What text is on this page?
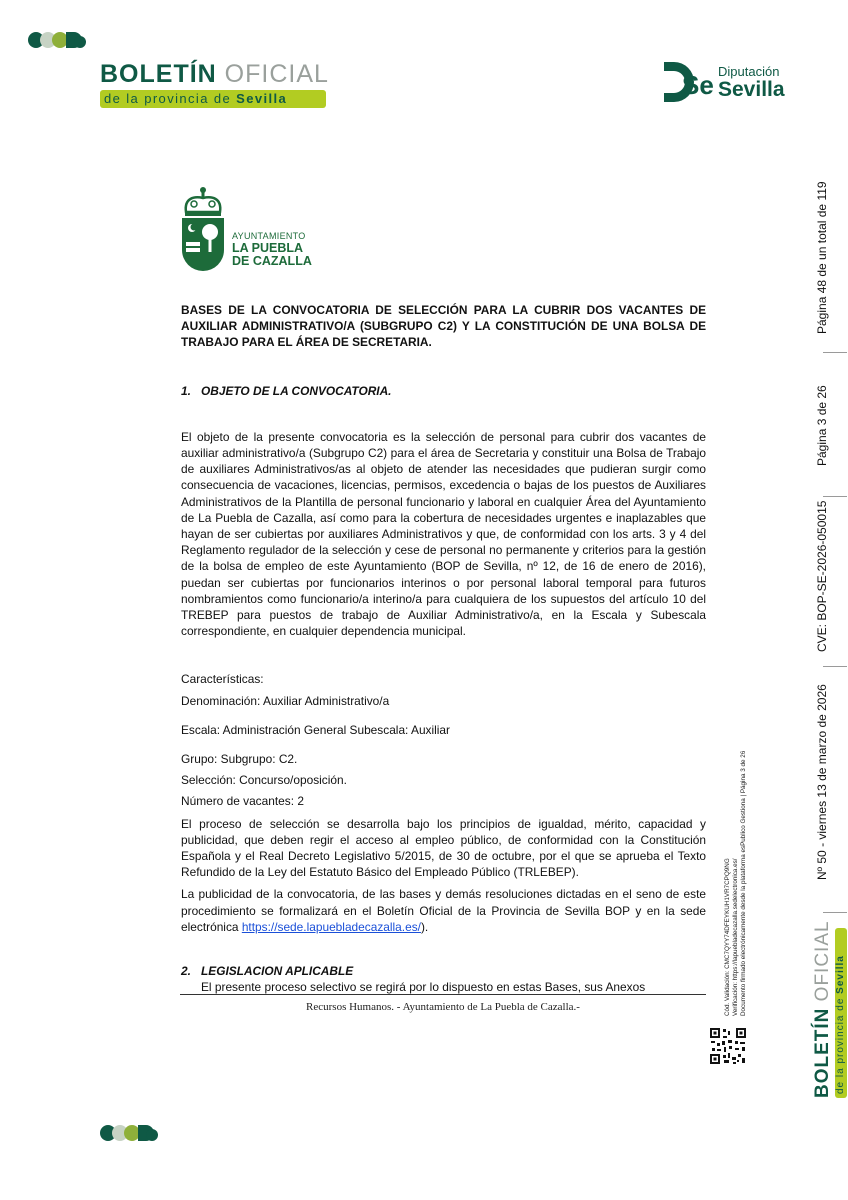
BOLETÍN OFICIAL
de la provincia de Sevilla	Se Diputación
Sevilla
AYUNTAMIENTO
LA PUEBLA
DE CAZALLA

BASES DE LA CONVOCATORIA DE SELECCIÓN PARA LA CUBRIR DOS VACANTES DE AUXILIAR ADMINISTRATIVO/A (SUBGRUPO C2) Y LA CONSTITUCIÓN DE UNA BOLSA DE TRABAJO PARA EL ÁREA DE SECRETARIA.

1. OBJETO DE LA CONVOCATORIA.

El objeto de la presente convocatoria es la selección de personal para cubrir dos vacantes de auxiliar administrativo/a (Subgrupo C2) para el área de Secretaria y constituir una Bolsa de Trabajo de auxiliares Administrativos/as al objeto de atender las necesidades que pudieran surgir como consecuencia de vacaciones, licencias, permisos, excedencia o bajas de los puestos de Auxiliares Administrativos de la Plantilla de personal funcionario y laboral en cualquier Área del Ayuntamiento de La Puebla de Cazalla, así como para la cobertura de necesidades urgentes e inaplazables que hayan de ser cubiertas por auxiliares Administrativos y que, de conformidad con los arts. 3 y 4 del Reglamento regulador de la selección y cese de personal no permanente y criterios para la gestión de la bolsa de empleo de este Ayuntamiento (BOP de Sevilla, nº 12, de 16 de enero de 2016), puedan ser cubiertas por funcionarios interinos o por personal laboral temporal para futuros nombramientos como funcionario/a interino/a para cualquiera de los supuestos del artículo 10 del TREBEP para puestos de trabajo de Auxiliar Administrativo/a, en la Escala y Subescala correspondiente, en cualquier dependencia municipal.

Características:

Denominación: Auxiliar Administrativo/a

Escala: Administración General Subescala: Auxiliar

Grupo: Subgrupo: C2.

Selección: Concurso/oposición.

Número de vacantes: 2

El proceso de selección se desarrolla bajo los principios de igualdad, mérito, capacidad y publicidad, que deben regir el acceso al empleo público, de conformidad con la Constitución Española y el Real Decreto Legislativo 5/2015, de 30 de octubre, por el que se aprueba el Texto Refundido de la Ley del Estatuto Básico del Empleado Público (TRLEBEP).

La publicidad de la convocatoria, de las bases y demás resoluciones dictadas en el seno de este procedimiento se formalizará en el Boletín Oficial de la Provincia de Sevilla BOP y en la sede electrónica https://sede.lapuebladecazalla.es/).

2. LEGISLACION APLICABLE

El presente proceso selectivo se regirá por lo dispuesto en estas Bases, sus Anexos

Recursos Humanos. - Ayuntamiento de La Puebla de Cazalla.-	Cód. Validación: CMC7QYY74DFEYKUH1VR7CPQ9NG Verificación: https://lapuebladecazalla.sedelectronica.es/ Documento firmado electrónicamente desde la plataforma esPublico Gestiona | Página 3 de 26
Página 48 de un total de 119
Página 3 de 26
CVE: BOP-SE-2026-050015
Nº 50 - viernes 13 de marzo de 2026
BOLETÍN OFICIAL
de la provincia de Sevilla
